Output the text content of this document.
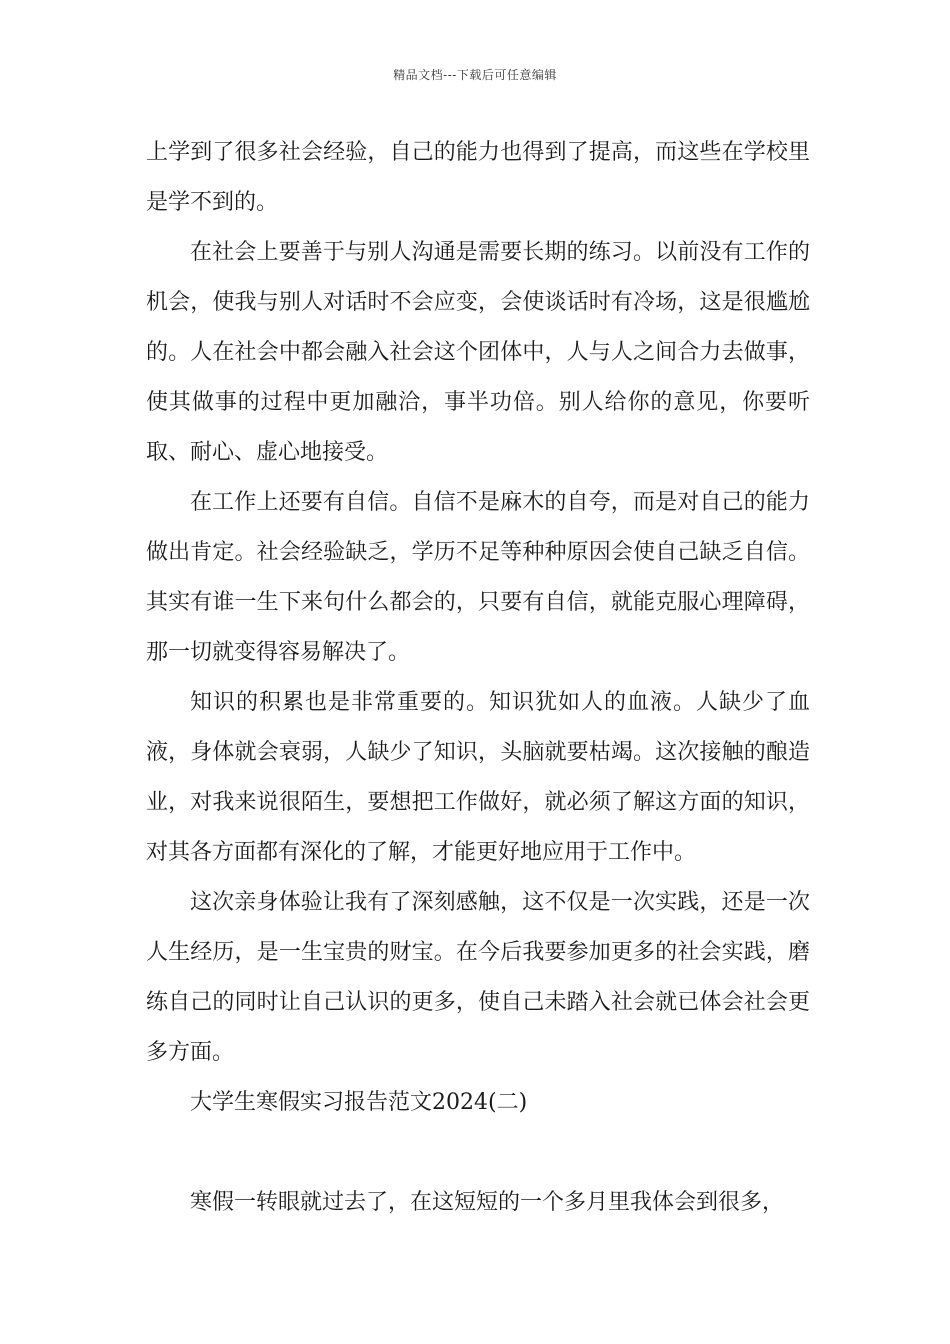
精品文档---下载后可任意编辑

上学到了很多社会经验，自己的能力也得到了提高，而这些在学校里是学不到的。

在社会上要善于与别人沟通是需要长期的练习。以前没有工作的机会，使我与别人对话时不会应变，会使谈话时有冷场，这是很尴尬的。人在社会中都会融入社会这个团体中，人与人之间合力去做事，使其做事的过程中更加融洽，事半功倍。别人给你的意见，你要听取、耐心、虚心地接受。

在工作上还要有自信。自信不是麻木的自夸，而是对自己的能力做出肯定。社会经验缺乏，学历不足等种种原因会使自己缺乏自信。其实有谁一生下来句什么都会的，只要有自信，就能克服心理障碍，那一切就变得容易解决了。

知识的积累也是非常重要的。知识犹如人的血液。人缺少了血液，身体就会衰弱，人缺少了知识，头脑就要枯竭。这次接触的酿造业，对我来说很陌生，要想把工作做好，就必须了解这方面的知识，对其各方面都有深化的了解，才能更好地应用于工作中。

这次亲身体验让我有了深刻感触，这不仅是一次实践，还是一次人生经历，是一生宝贵的财宝。在今后我要参加更多的社会实践，磨练自己的同时让自己认识的更多，使自己未踏入社会就已体会社会更多方面。

大学生寒假实习报告范文2024(二)

寒假一转眼就过去了，在这短短的一个多月里我体会到很多，
